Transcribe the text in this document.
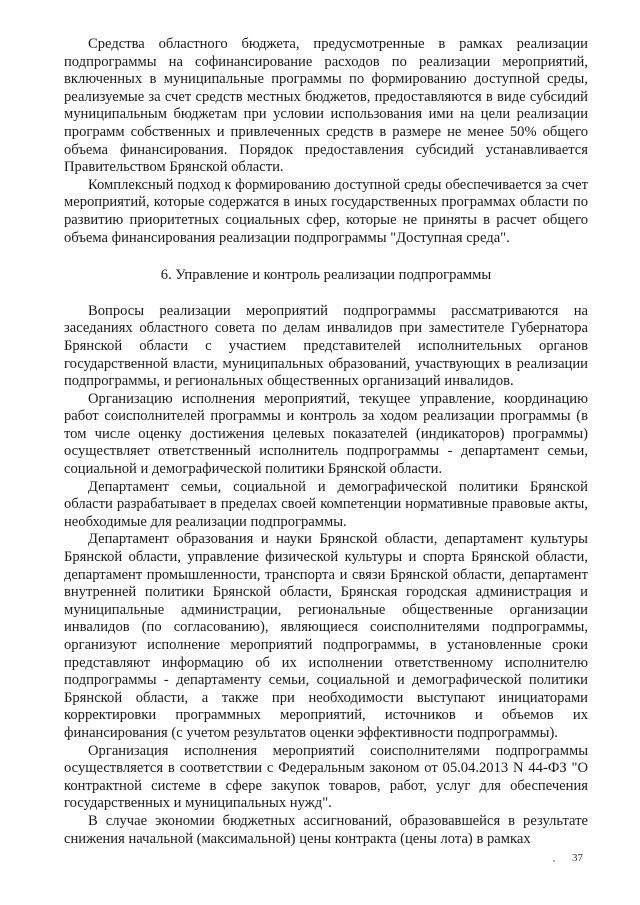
Средства областного бюджета, предусмотренные в рамках реализации подпрограммы на софинансирование расходов по реализации мероприятий, включенных в муниципальные программы по формированию доступной среды, реализуемые за счет средств местных бюджетов, предоставляются в виде субсидий муниципальным бюджетам при условии использования ими на цели реализации программ собственных и привлеченных средств в размере не менее 50% общего объема финансирования. Порядок предоставления субсидий устанавливается Правительством Брянской области.

Комплексный подход к формированию доступной среды обеспечивается за счет мероприятий, которые содержатся в иных государственных программах области по развитию приоритетных социальных сфер, которые не приняты в расчет общего объема финансирования реализации подпрограммы "Доступная среда".

6. Управление и контроль реализации подпрограммы

Вопросы реализации мероприятий подпрограммы рассматриваются на заседаниях областного совета по делам инвалидов при заместителе Губернатора Брянской области с участием представителей исполнительных органов государственной власти, муниципальных образований, участвующих в реализации подпрограммы, и региональных общественных организаций инвалидов.

Организацию исполнения мероприятий, текущее управление, координацию работ соисполнителей программы и контроль за ходом реализации программы (в том числе оценку достижения целевых показателей (индикаторов) программы) осуществляет ответственный исполнитель подпрограммы - департамент семьи, социальной и демографической политики Брянской области.

Департамент семьи, социальной и демографической политики Брянской области разрабатывает в пределах своей компетенции нормативные правовые акты, необходимые для реализации подпрограммы.

Департамент образования и науки Брянской области, департамент культуры Брянской области, управление физической культуры и спорта Брянской области, департамент промышленности, транспорта и связи Брянской области, департамент внутренней политики Брянской области, Брянская городская администрация и муниципальные администрации, региональные общественные организации инвалидов (по согласованию), являющиеся соисполнителями подпрограммы, организуют исполнение мероприятий подпрограммы, в установленные сроки представляют информацию об их исполнении ответственному исполнителю подпрограммы - департаменту семьи, социальной и демографической политики Брянской области, а также при необходимости выступают инициаторами корректировки программных мероприятий, источников и объемов их финансирования (с учетом результатов оценки эффективности подпрограммы).

Организация исполнения мероприятий соисполнителями подпрограммы осуществляется в соответствии с Федеральным законом от 05.04.2013 N 44-ФЗ "О контрактной системе в сфере закупок товаров, работ, услуг для обеспечения государственных и муниципальных нужд".

В случае экономии бюджетных ассигнований, образовавшейся в результате снижения начальной (максимальной) цены контракта (цены лота) в рамках

37
